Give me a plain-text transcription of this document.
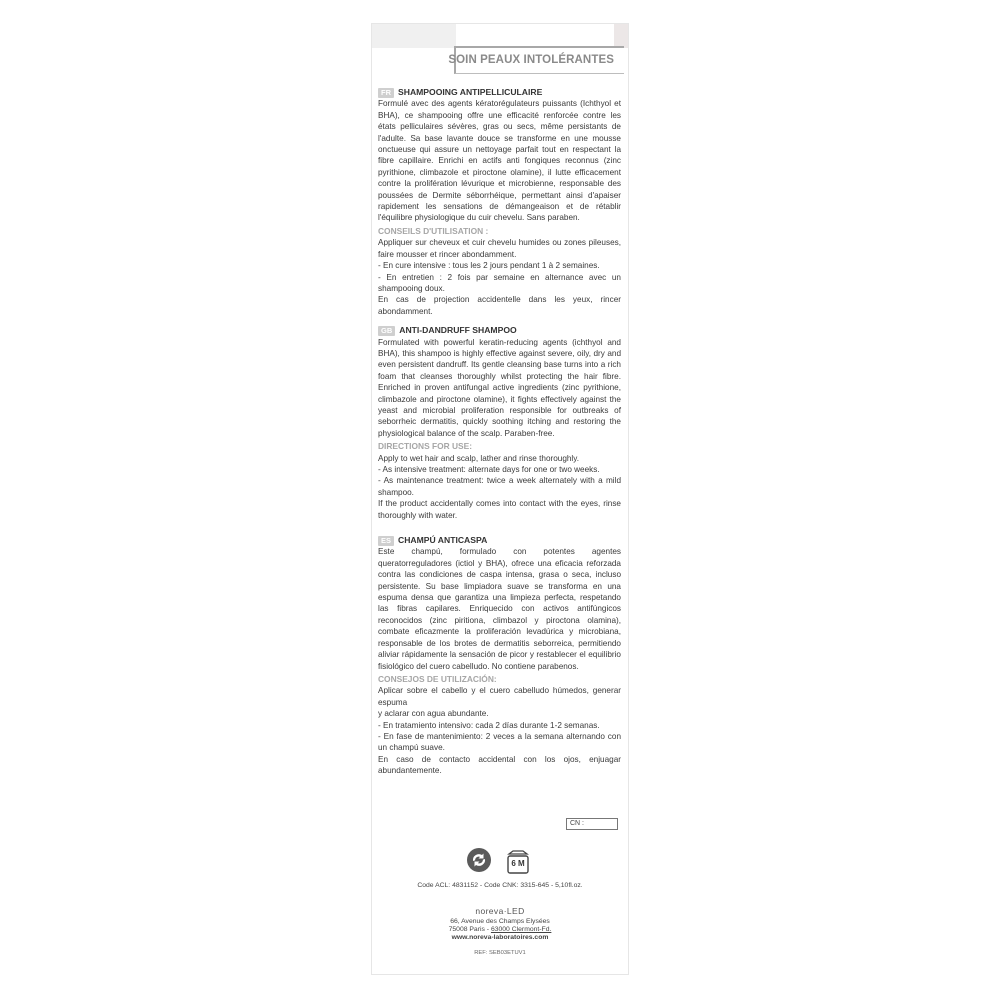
SOIN PEAUX INTOLÉRANTES
FR SHAMPOOING ANTIPELLICULAIRE

Formulé avec des agents kératorégulateurs puissants (Ichthyol et BHA), ce shampooing offre une efficacité renforcée contre les états pelliculaires sévères, gras ou secs, même persistants de l'adulte. Sa base lavante douce se transforme en une mousse onctueuse qui assure un nettoyage parfait tout en respectant la fibre capillaire. Enrichi en actifs anti fongiques reconnus (zinc pyrithione, climbazole et piroctone olamine), il lutte efficacement contre la prolifération lévurique et microbienne, responsable des poussées de Dermite séborrhéique, permettant ainsi d'apaiser rapidement les sensations de démangeaison et de rétablir l'équilibre physiologique du cuir chevelu. Sans paraben.

CONSEILS D'UTILISATION :

Appliquer sur cheveux et cuir chevelu humides ou zones pileuses, faire mousser et rincer abondamment.

- En cure intensive : tous les 2 jours pendant 1 à 2 semaines.

- En entretien : 2 fois par semaine en alternance avec un shampooing doux.

En cas de projection accidentelle dans les yeux, rincer abondamment.

GB ANTI-DANDRUFF SHAMPOO

Formulated with powerful keratin-reducing agents (ichthyol and BHA), this shampoo is highly effective against severe, oily, dry and even persistent dandruff. Its gentle cleansing base turns into a rich foam that cleanses thoroughly whilst protecting the hair fibre. Enriched in proven antifungal active ingredients (zinc pyrithione, climbazole and piroctone olamine), it fights effectively against the yeast and microbial proliferation responsible for outbreaks of seborrheic dermatitis, quickly soothing itching and restoring the physiological balance of the scalp. Paraben-free.

DIRECTIONS FOR USE:

Apply to wet hair and scalp, lather and rinse thoroughly.

- As intensive treatment: alternate days for one or two weeks.

- As maintenance treatment: twice a week alternately with a mild shampoo.

If the product accidentally comes into contact with the eyes, rinse thoroughly with water.

ES CHAMPÚ ANTICASPA

Este champú, formulado con potentes agentes queratorreguladores (ictiol y BHA), ofrece una eficacia reforzada contra las condiciones de caspa intensa, grasa o seca, incluso persistente. Su base limpiadora suave se transforma en una espuma densa que garantiza una limpieza perfecta, respetando las fibras capilares. Enriquecido con activos antifúngicos reconocidos (zinc piritiona, climbazol y piroctona olamina), combate eficazmente la proliferación levadúrica y microbiana, responsable de los brotes de dermatitis seborreica, permitiendo aliviar rápidamente la sensación de picor y restablecer el equilibrio fisiológico del cuero cabelludo. No contiene parabenos.

CONSEJOS DE UTILIZACIÓN:

Aplicar sobre el cabello y el cuero cabelludo húmedos, generar espuma

y aclarar con agua abundante.

- En tratamiento intensivo: cada 2 días durante 1-2 semanas.

- En fase de mantenimiento: 2 veces a la semana alternando con un champú suave.

En caso de contacto accidental con los ojos, enjuagar abundantemente.

CN :
6 M
Code ACL: 4831152 - Code CNK: 3315-645 - 5,10fl.oz.
noreva·LED
66, Avenue des Champs Elysées
75008 Paris - 63000 Clermont-Fd.
www.noreva-laboratoires.com
REF: SEB03ETUV1
